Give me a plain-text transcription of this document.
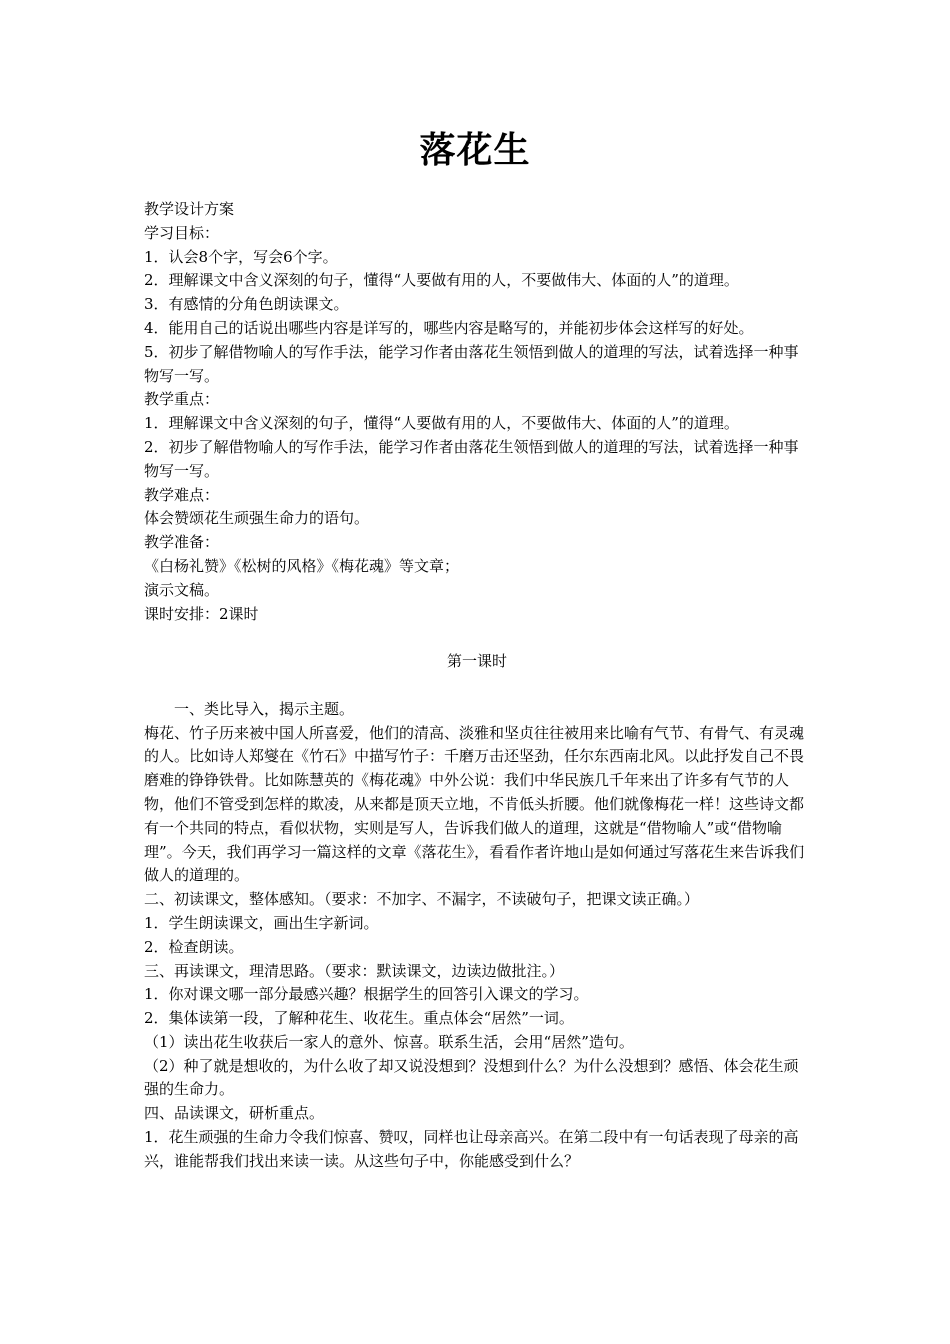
落花生

教学设计方案

学习目标：

1．认会8个字，写会6个字。

2．理解课文中含义深刻的句子，懂得“人要做有用的人，不要做伟大、体面的人”的道理。

3．有感情的分角色朗读课文。

4．能用自己的话说出哪些内容是详写的，哪些内容是略写的，并能初步体会这样写的好处。

5．初步了解借物喻人的写作手法，能学习作者由落花生领悟到做人的道理的写法，试着选择一种事物写一写。

教学重点：

1．理解课文中含义深刻的句子，懂得“人要做有用的人，不要做伟大、体面的人”的道理。

2．初步了解借物喻人的写作手法，能学习作者由落花生领悟到做人的道理的写法，试着选择一种事物写一写。

教学难点：

体会赞颂花生顽强生命力的语句。

教学准备：

《白杨礼赞》《松树的风格》《梅花魂》等文章；

演示文稿。

课时安排：2课时

第一课时

一、类比导入，揭示主题。

梅花、竹子历来被中国人所喜爱，他们的清高、淡雅和坚贞往往被用来比喻有气节、有骨气、有灵魂的人。比如诗人郑燮在《竹石》中描写竹子：千磨万击还坚劲，任尔东西南北风。以此抒发自己不畏磨难的铮铮铁骨。比如陈慧英的《梅花魂》中外公说：我们中华民族几千年来出了许多有气节的人物，他们不管受到怎样的欺凌，从来都是顶天立地，不肯低头折腰。他们就像梅花一样！这些诗文都有一个共同的特点，看似状物，实则是写人，告诉我们做人的道理，这就是“借物喻人”或“借物喻理”。今天，我们再学习一篇这样的文章《落花生》，看看作者许地山是如何通过写落花生来告诉我们做人的道理的。

二、初读课文，整体感知。（要求：不加字、不漏字，不读破句子，把课文读正确。）

1．学生朗读课文，画出生字新词。

2．检查朗读。

三、再读课文，理清思路。（要求：默读课文，边读边做批注。）

1．你对课文哪一部分最感兴趣？根据学生的回答引入课文的学习。

2．集体读第一段，了解种花生、收花生。重点体会“居然”一词。

（1）读出花生收获后一家人的意外、惊喜。联系生活，会用“居然”造句。

（2）种了就是想收的，为什么收了却又说没想到？没想到什么？为什么没想到？感悟、体会花生顽强的生命力。

四、品读课文，研析重点。

1．花生顽强的生命力令我们惊喜、赞叹，同样也让母亲高兴。在第二段中有一句话表现了母亲的高兴，谁能帮我们找出来读一读。从这些句子中，你能感受到什么？
